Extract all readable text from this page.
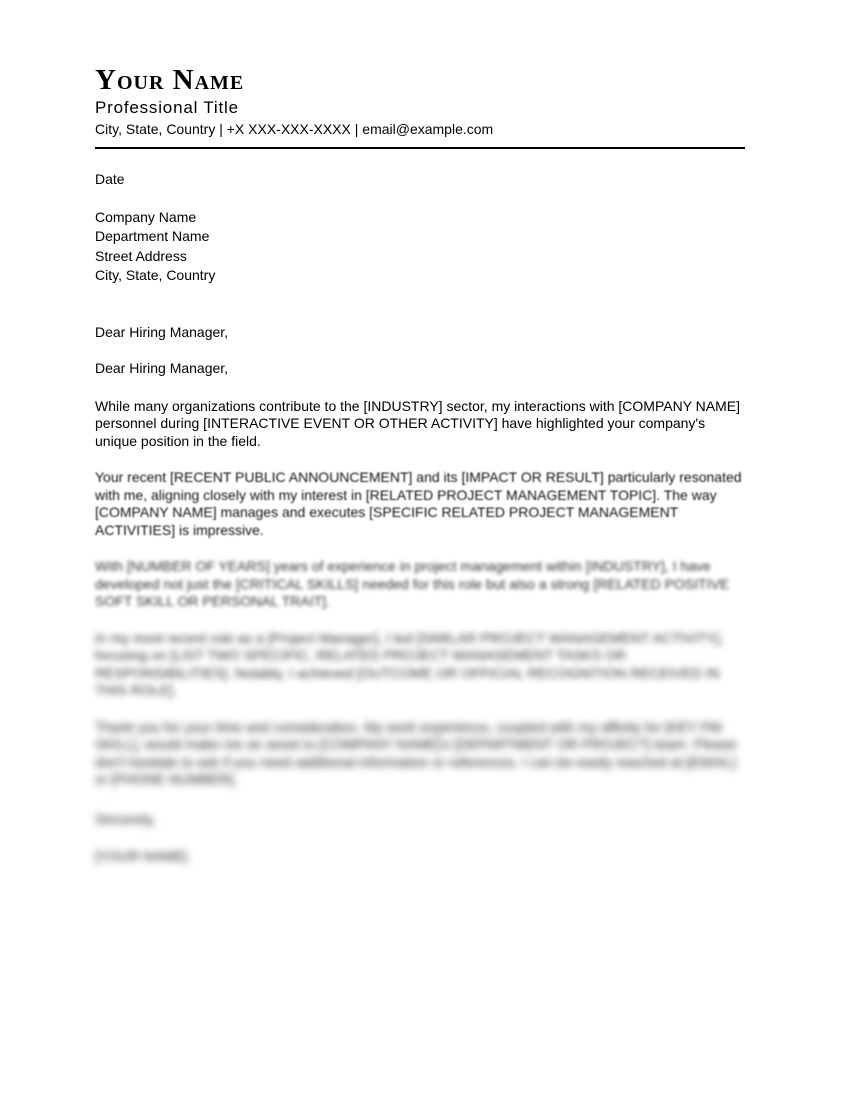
Your Name
Professional Title
City, State, Country | +X XXX-XXX-XXXX | email@example.com
Date
Company Name
Department Name
Street Address
City, State, Country
Dear Hiring Manager,
Dear Hiring Manager,
While many organizations contribute to the [INDUSTRY] sector, my interactions with [COMPANY NAME] personnel during [INTERACTIVE EVENT OR OTHER ACTIVITY] have highlighted your company's unique position in the field.
Your recent [RECENT PUBLIC ANNOUNCEMENT] and its [IMPACT OR RESULT] particularly resonated with me, aligning closely with my interest in [RELATED PROJECT MANAGEMENT TOPIC]. The way [COMPANY NAME] manages and executes [SPECIFIC RELATED PROJECT MANAGEMENT ACTIVITIES] is impressive.
With [NUMBER OF YEARS] years of experience in project management within [INDUSTRY], I have developed not just the [CRITICAL SKILLS] needed for this role but also a strong [RELATED POSITIVE SOFT SKILL OR PERSONAL TRAIT].
In my most recent role as a [Project Manager], I led [SIMILAR PROJECT MANAGEMENT ACTIVITY], focusing on [LIST TWO SPECIFIC, RELATED PROJECT MANAGEMENT TASKS OR RESPONSIBILITIES]. Notably, I achieved [OUTCOME OR OFFICIAL RECOGNITION RECEIVED IN THIS ROLE].
Thank you for your time and consideration. My work experience, coupled with my affinity for [KEY PM SKILL], would make me an asset to [COMPANY NAME]'s [DEPARTMENT OR PROJECT] team. Please don't hesitate to ask if you need additional information or references. I can be easily reached at [EMAIL] or [PHONE NUMBER].
Sincerely,
[YOUR NAME]
